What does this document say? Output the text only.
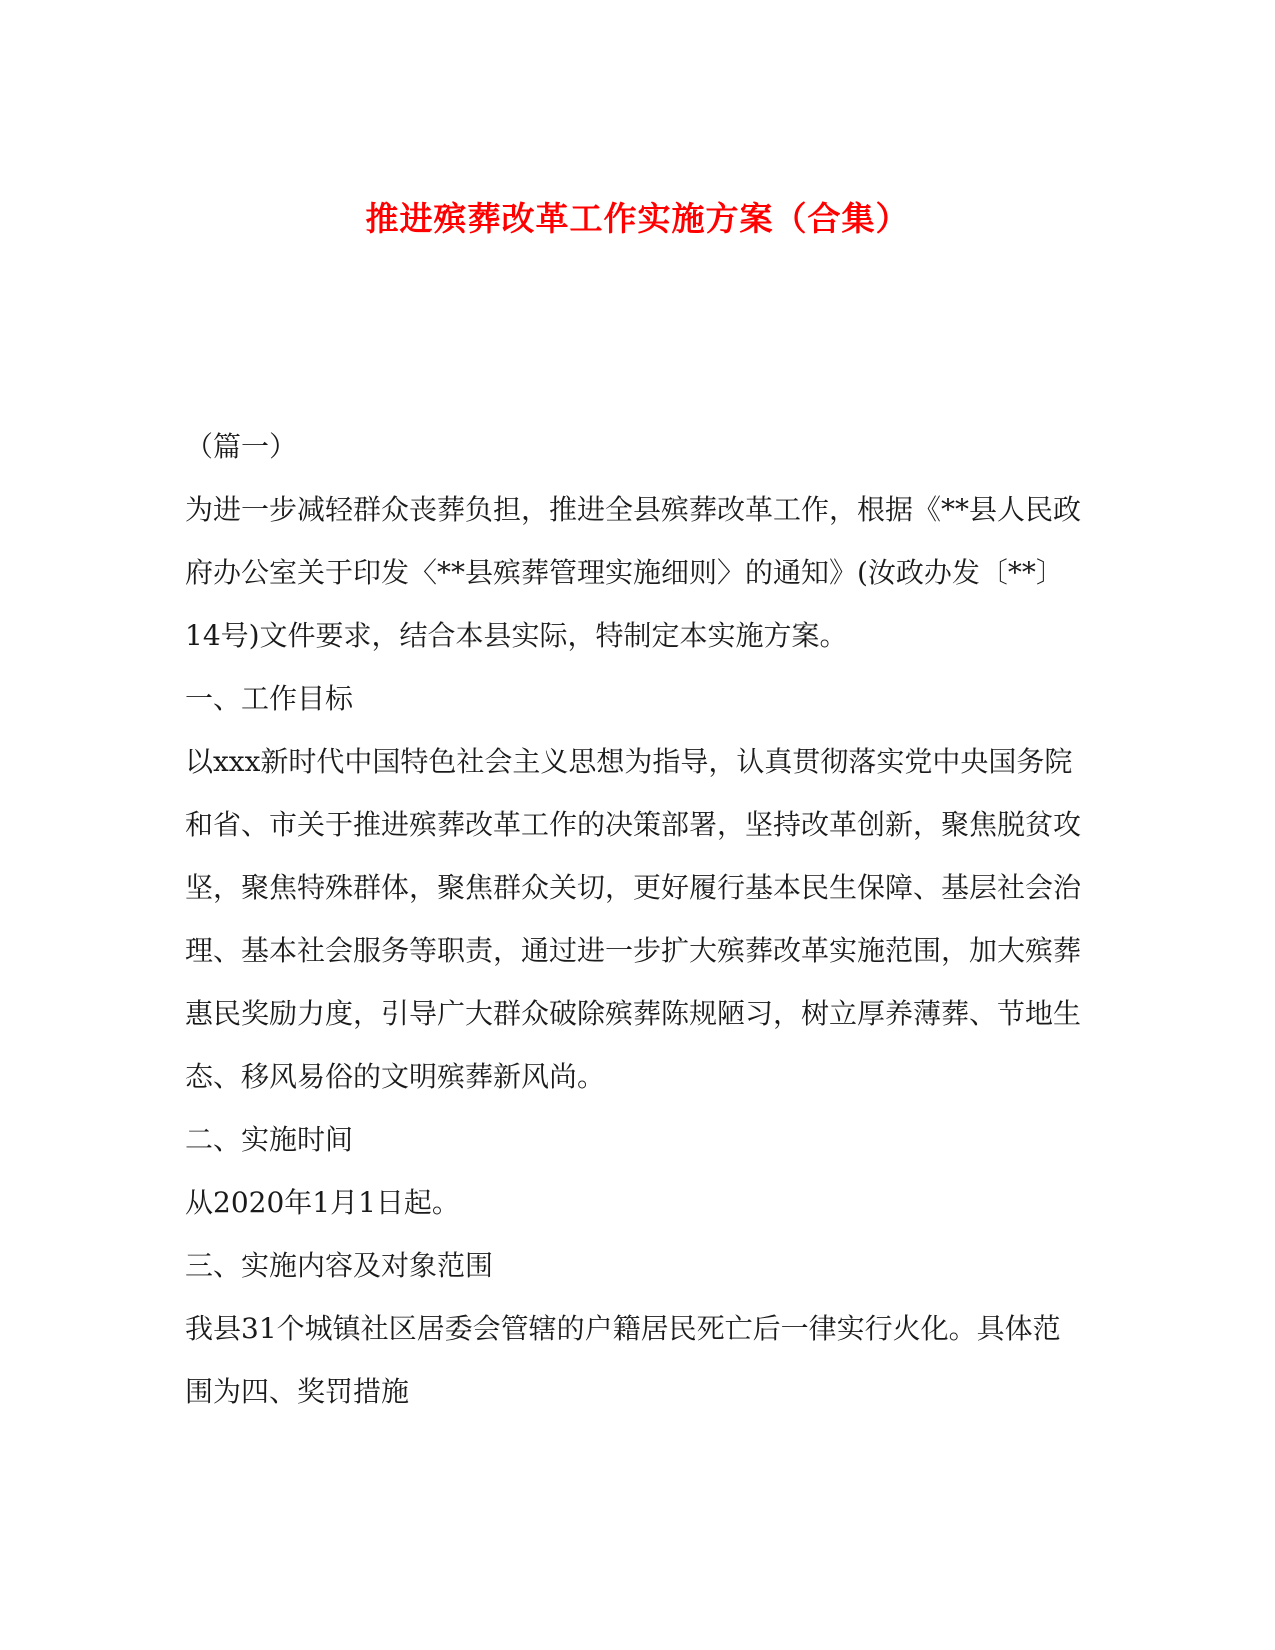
推进殡葬改革工作实施方案（合集）

（篇一）

为进一步减轻群众丧葬负担，推进全县殡葬改革工作，根据《**县人民政府办公室关于印发〈**县殡葬管理实施细则〉的通知》(汝政办发〔**〕14号)文件要求，结合本县实际，特制定本实施方案。

一、工作目标

以xxx新时代中国特色社会主义思想为指导，认真贯彻落实党中央国务院和省、市关于推进殡葬改革工作的决策部署，坚持改革创新，聚焦脱贫攻坚，聚焦特殊群体，聚焦群众关切，更好履行基本民生保障、基层社会治理、基本社会服务等职责，通过进一步扩大殡葬改革实施范围，加大殡葬惠民奖励力度，引导广大群众破除殡葬陈规陋习，树立厚养薄葬、节地生态、移风易俗的文明殡葬新风尚。

二、实施时间

从2020年1月1日起。

三、实施内容及对象范围

我县31个城镇社区居委会管辖的户籍居民死亡后一律实行火化。具体范围为四、奖罚措施
